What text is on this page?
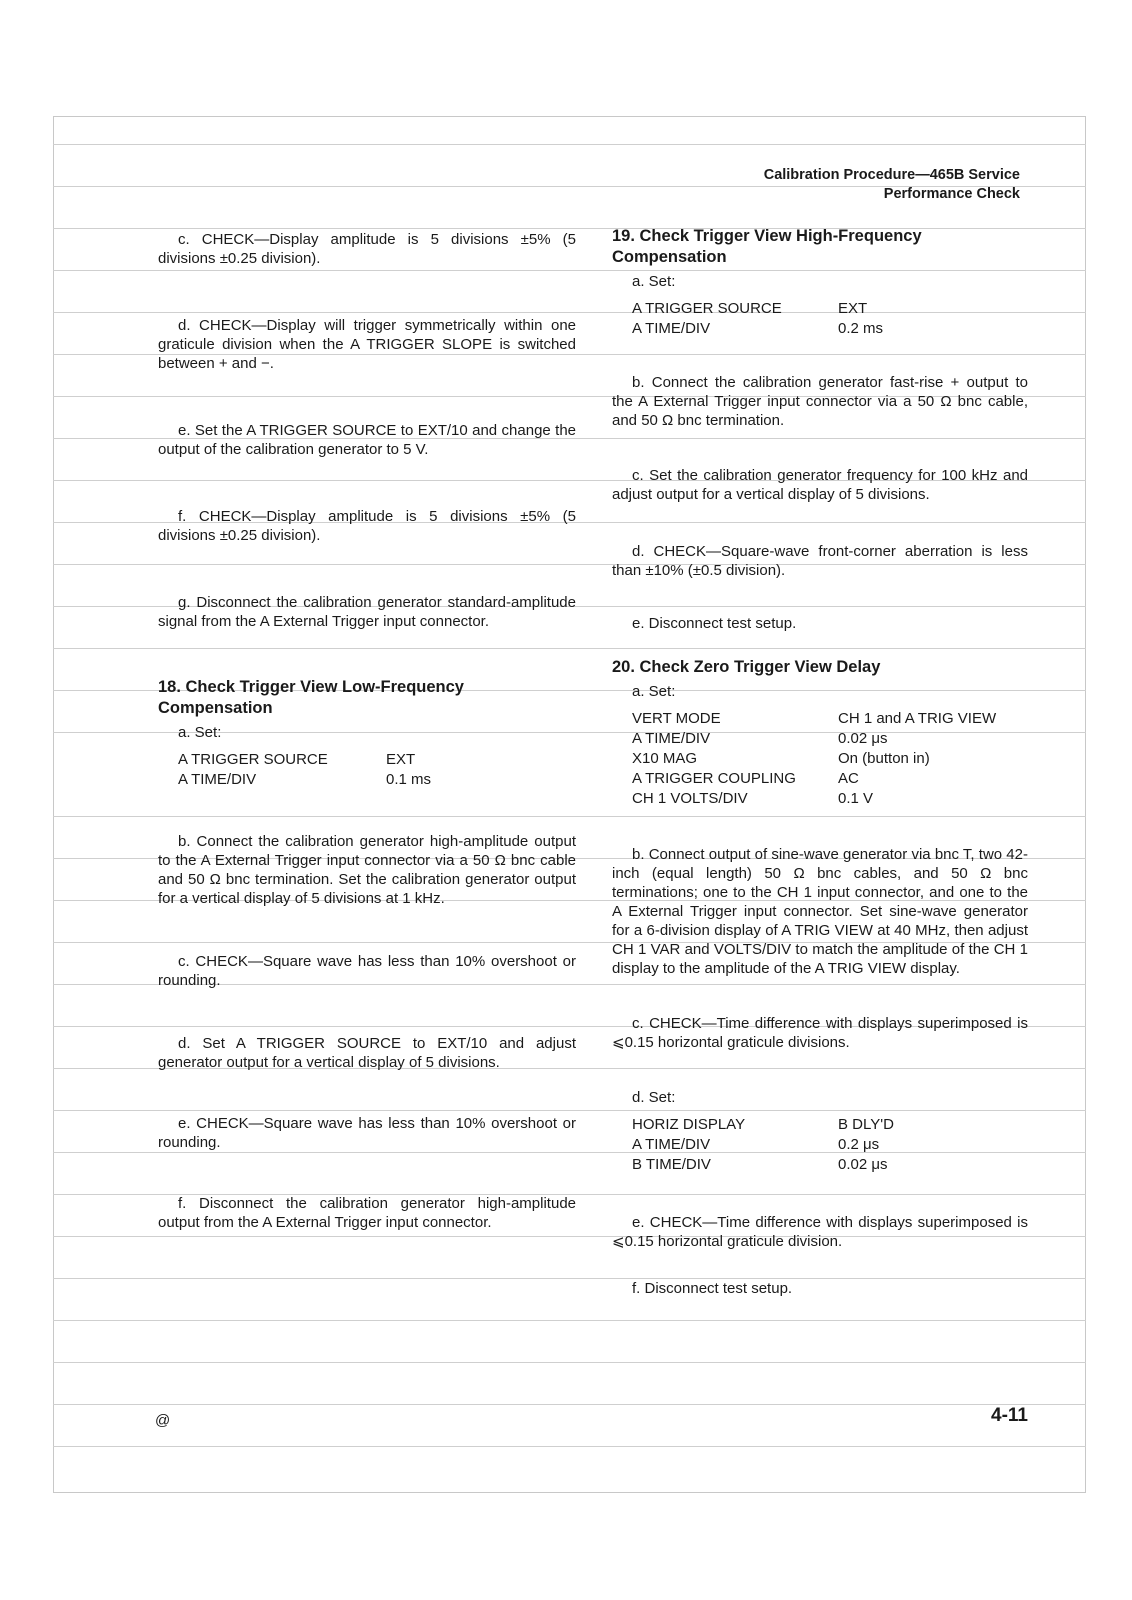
Calibration Procedure—465B Service
Performance Check

c. CHECK—Display amplitude is 5 divisions ±5% (5 divisions ±0.25 division).

d. CHECK—Display will trigger symmetrically within one graticule division when the A TRIGGER SLOPE is switched between + and −.

e. Set the A TRIGGER SOURCE to EXT/10 and change the output of the calibration generator to 5 V.

f. CHECK—Display amplitude is 5 divisions ±5% (5 divisions ±0.25 division).

g. Disconnect the calibration generator standard-amplitude signal from the A External Trigger input connector.

18. Check Trigger View Low-Frequency Compensation

a. Set:

A TRIGGER SOURCE	EXT
A TIME/DIV	0.1 ms

b. Connect the calibration generator high-amplitude output to the A External Trigger input connector via a 50 Ω bnc cable and 50 Ω bnc termination. Set the calibration generator output for a vertical display of 5 divisions at 1 kHz.

c. CHECK—Square wave has less than 10% overshoot or rounding.

d. Set A TRIGGER SOURCE to EXT/10 and adjust generator output for a vertical display of 5 divisions.

e. CHECK—Square wave has less than 10% overshoot or rounding.

f. Disconnect the calibration generator high-amplitude output from the A External Trigger input connector.

19. Check Trigger View High-Frequency Compensation

a. Set:

A TRIGGER SOURCE	EXT
A TIME/DIV	0.2 ms

b. Connect the calibration generator fast-rise + output to the A External Trigger input connector via a 50 Ω bnc cable, and 50 Ω bnc termination.

c. Set the calibration generator frequency for 100 kHz and adjust output for a vertical display of 5 divisions.

d. CHECK—Square-wave front-corner aberration is less than ±10% (±0.5 division).

e. Disconnect test setup.

20. Check Zero Trigger View Delay

a. Set:

VERT MODE	CH 1 and A TRIG VIEW
A TIME/DIV	0.02 μs
X10 MAG	On (button in)
A TRIGGER COUPLING	AC
CH 1 VOLTS/DIV	0.1 V

b. Connect output of sine-wave generator via bnc T, two 42-inch (equal length) 50 Ω bnc cables, and 50 Ω bnc terminations; one to the CH 1 input connector, and one to the A External Trigger input connector. Set sine-wave generator for a 6-division display of A TRIG VIEW at 40 MHz, then adjust CH 1 VAR and VOLTS/DIV to match the amplitude of the CH 1 display to the amplitude of the A TRIG VIEW display.

c. CHECK—Time difference with displays superimposed is ⩽0.15 horizontal graticule divisions.

d. Set:

HORIZ DISPLAY	B DLY'D
A TIME/DIV	0.2 μs
B TIME/DIV	0.02 μs

e. CHECK—Time difference with displays superimposed is ⩽0.15 horizontal graticule division.

f. Disconnect test setup.

@	4-11
